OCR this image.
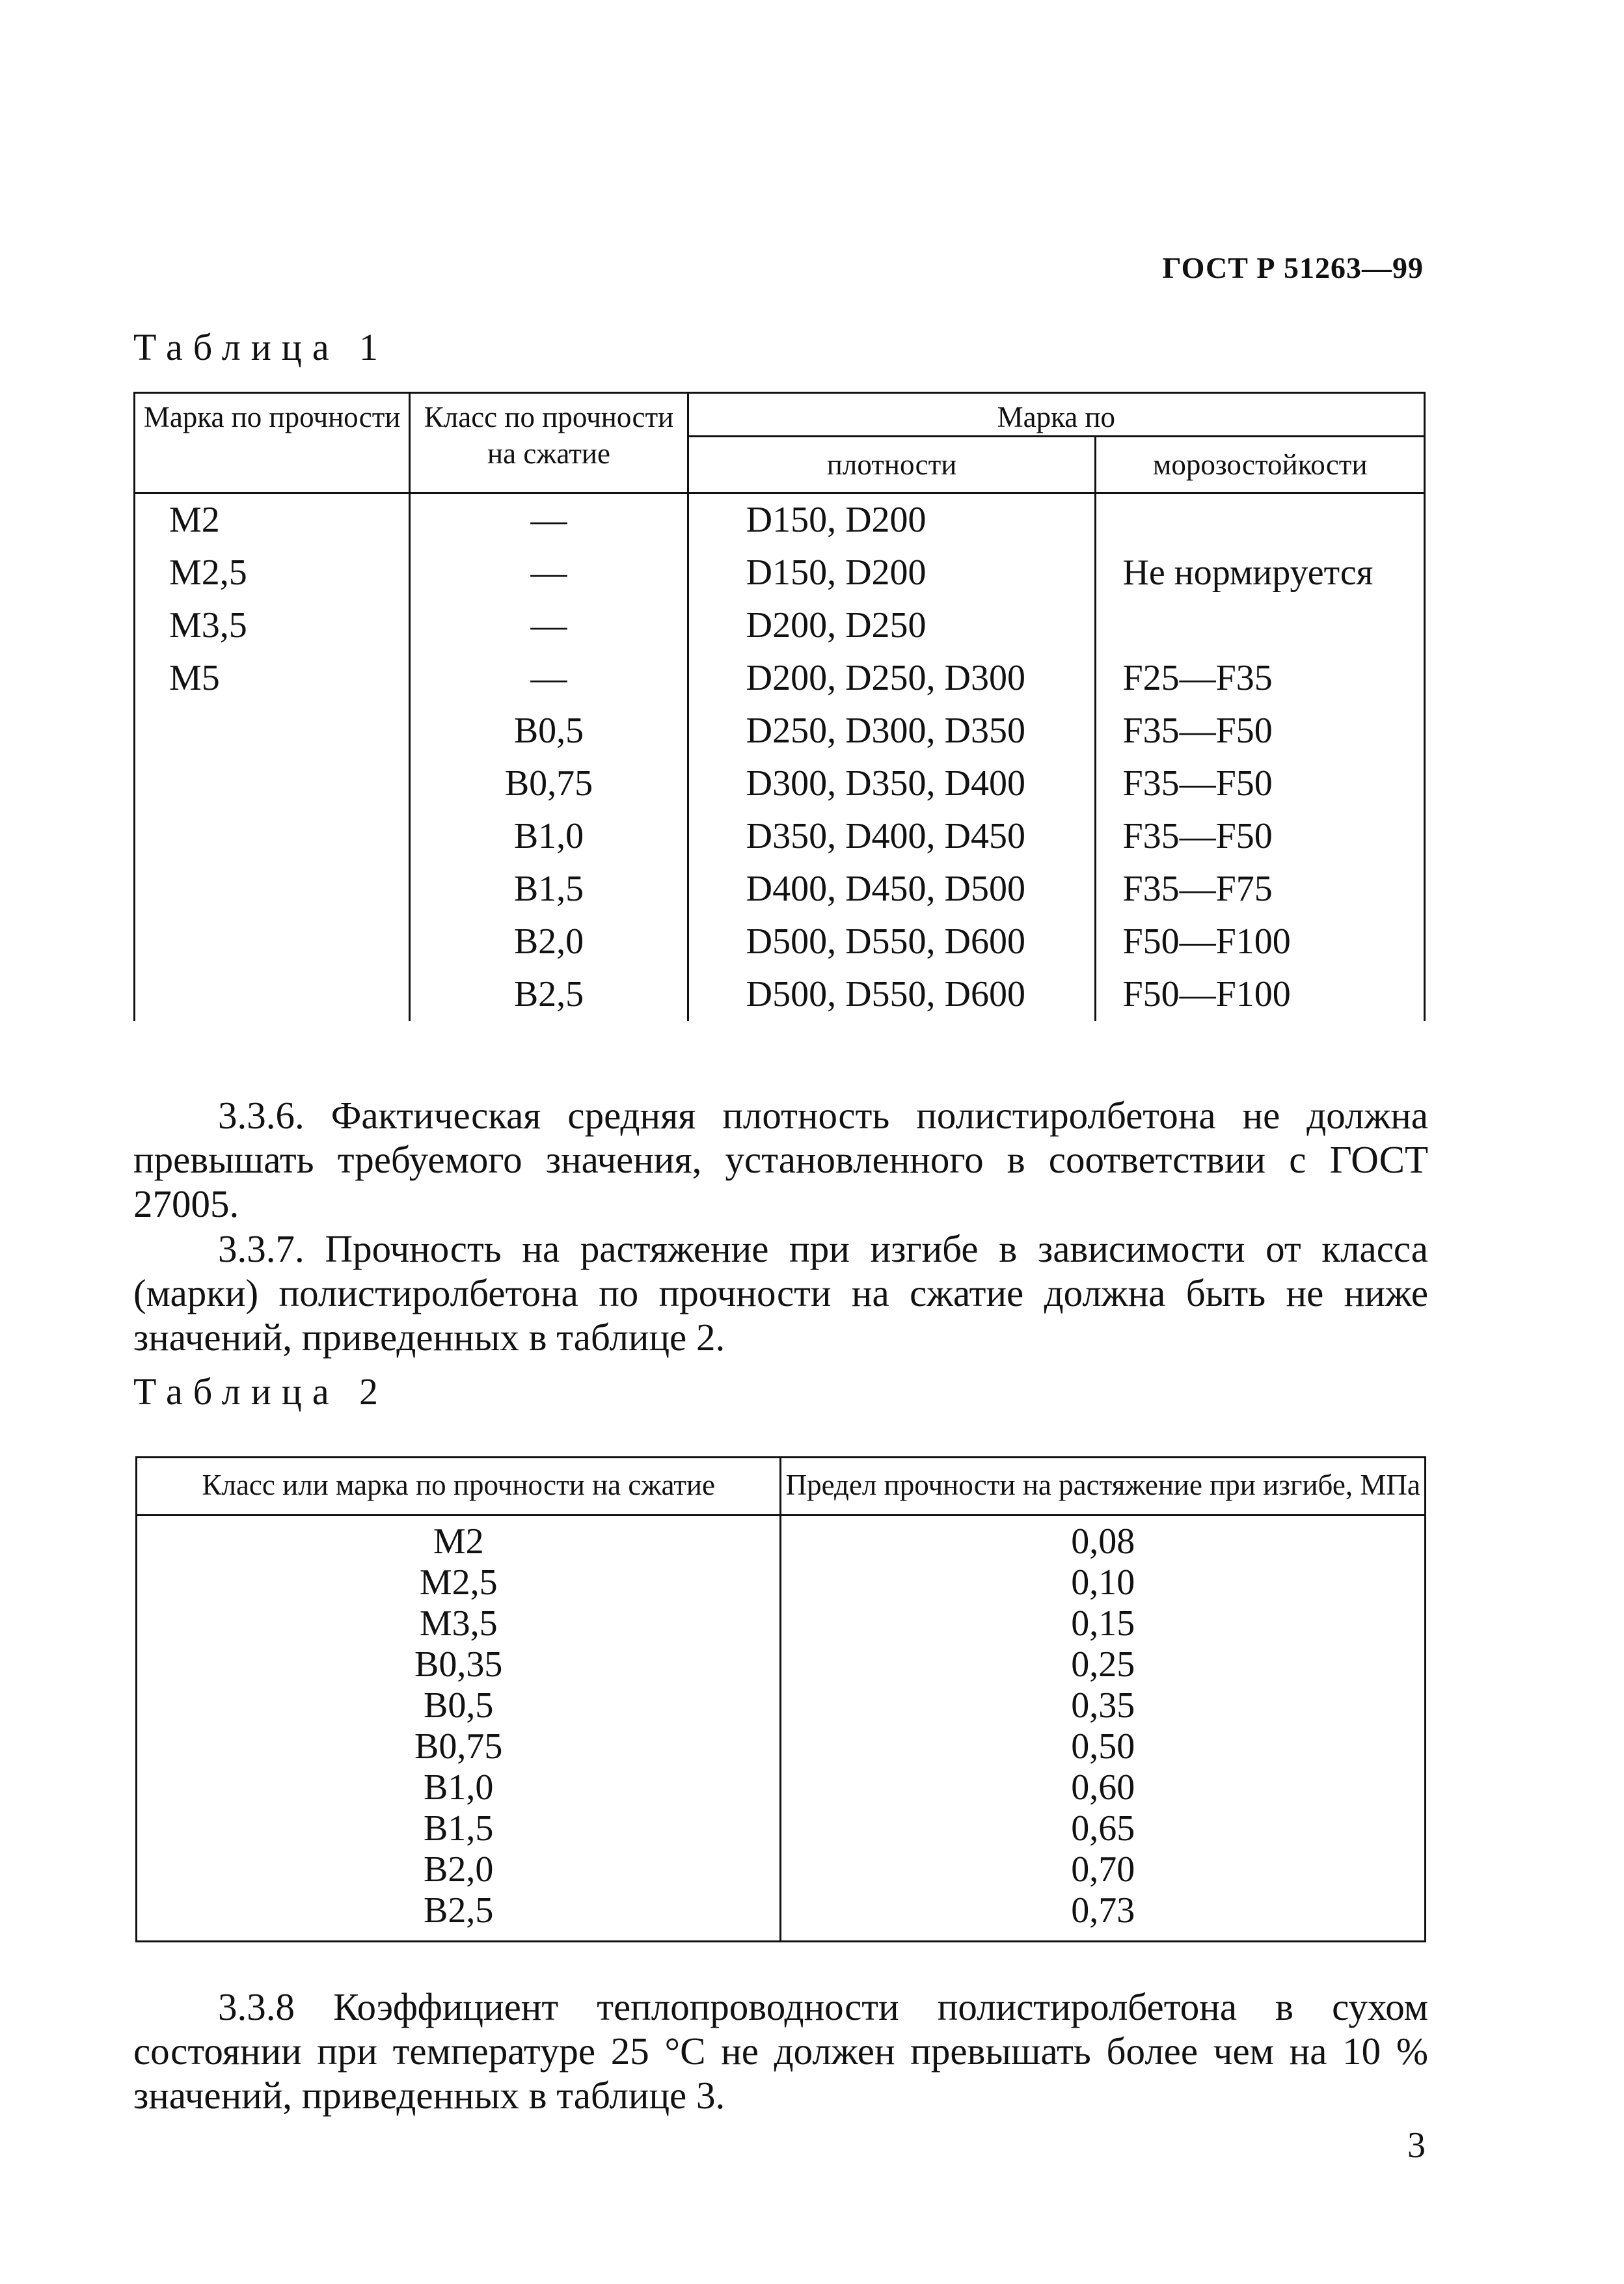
ГОСТ Р 51263—99
Таблица 1
Марка по прочности	Класс по прочности на сжатие	Марка по	
		плотности	морозостойкости
M2	—	D150, D200	Не нормируется
M2,5	—	D150, D200	
M3,5	—	D200, D250	
M5	—	D200, D250, D300	F25—F35
	B0,5	D250, D300, D350	F35—F50
	B0,75	D300, D350, D400	F35—F50
	B1,0	D350, D400, D450	F35—F50
	B1,5	D400, D450, D500	F35—F75
	B2,0	D500, D550, D600	F50—F100
	B2,5	D500, D550, D600	F50—F100
3.3.6. Фактическая средняя плотность полистиролбетона не должна превышать требуемого значения, установленного в соответствии с ГОСТ 27005.
3.3.7. Прочность на растяжение при изгибе в зависимости от класса (марки) полистиролбетона по прочности на сжатие должна быть не ниже значений, приведенных в таблице 2.
Таблица 2
Класс или марка по прочности на сжатие	Предел прочности на растяжение при изгибе, МПа
M2	0,08
M2,5	0,10
M3,5	0,15
B0,35	0,25
B0,5	0,35
B0,75	0,50
B1,0	0,60
B1,5	0,65
B2,0	0,70
B2,5	0,73
3.3.8 Коэффициент теплопроводности полистиролбетона в сухом состоянии при температуре 25 °С не должен превышать более чем на 10 % значений, приведенных в таблице 3.
3
